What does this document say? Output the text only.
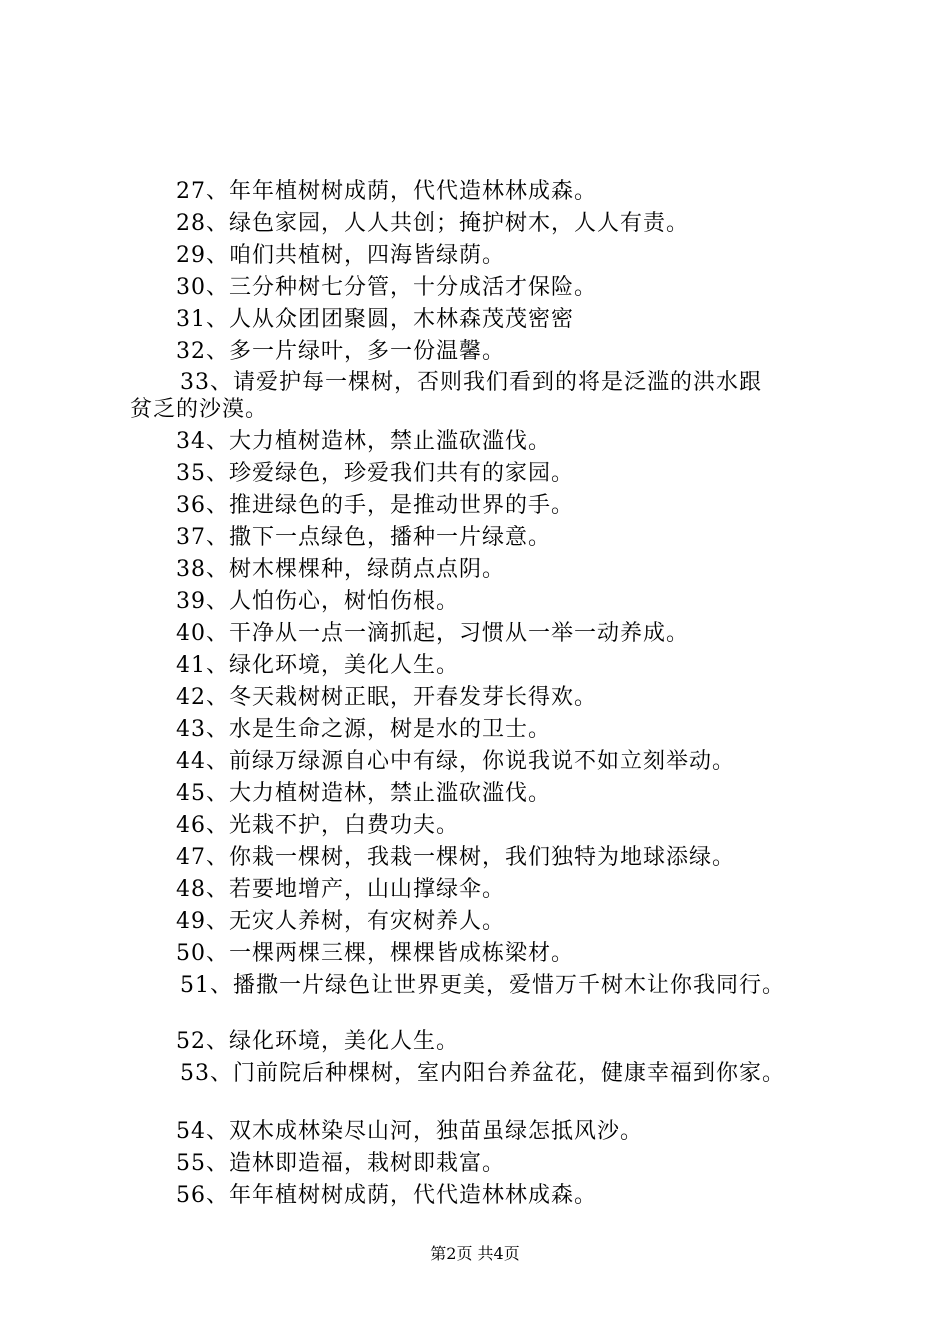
27、年年植树树成荫，代代造林林成森。
28、绿色家园，人人共创；掩护树木，人人有责。
29、咱们共植树，四海皆绿荫。
30、三分种树七分管，十分成活才保险。
31、人从众团团聚圆，木林森茂茂密密
32、多一片绿叶，多一份温馨。
33、请爱护每一棵树，否则我们看到的将是泛滥的洪水跟
贫乏的沙漠。
34、大力植树造林，禁止滥砍滥伐。
35、珍爱绿色，珍爱我们共有的家园。
36、推进绿色的手，是推动世界的手。
37、撒下一点绿色，播种一片绿意。
38、树木棵棵种，绿荫点点阴。
39、人怕伤心，树怕伤根。
40、干净从一点一滴抓起，习惯从一举一动养成。
41、绿化环境，美化人生。
42、冬天栽树树正眠，开春发芽长得欢。
43、水是生命之源，树是水的卫士。
44、前绿万绿源自心中有绿，你说我说不如立刻举动。
45、大力植树造林，禁止滥砍滥伐。
46、光栽不护，白费功夫。
47、你栽一棵树，我栽一棵树，我们独特为地球添绿。
48、若要地增产，山山撑绿伞。
49、无灾人养树，有灾树养人。
50、一棵两棵三棵，棵棵皆成栋梁材。
51、播撒一片绿色让世界更美，爱惜万千树木让你我同行。
52、绿化环境，美化人生。
53、门前院后种棵树，室内阳台养盆花，健康幸福到你家。
54、双木成林染尽山河，独苗虽绿怎抵风沙。
55、造林即造福，栽树即栽富。
56、年年植树树成荫，代代造林林成森。
第2页 共4页
